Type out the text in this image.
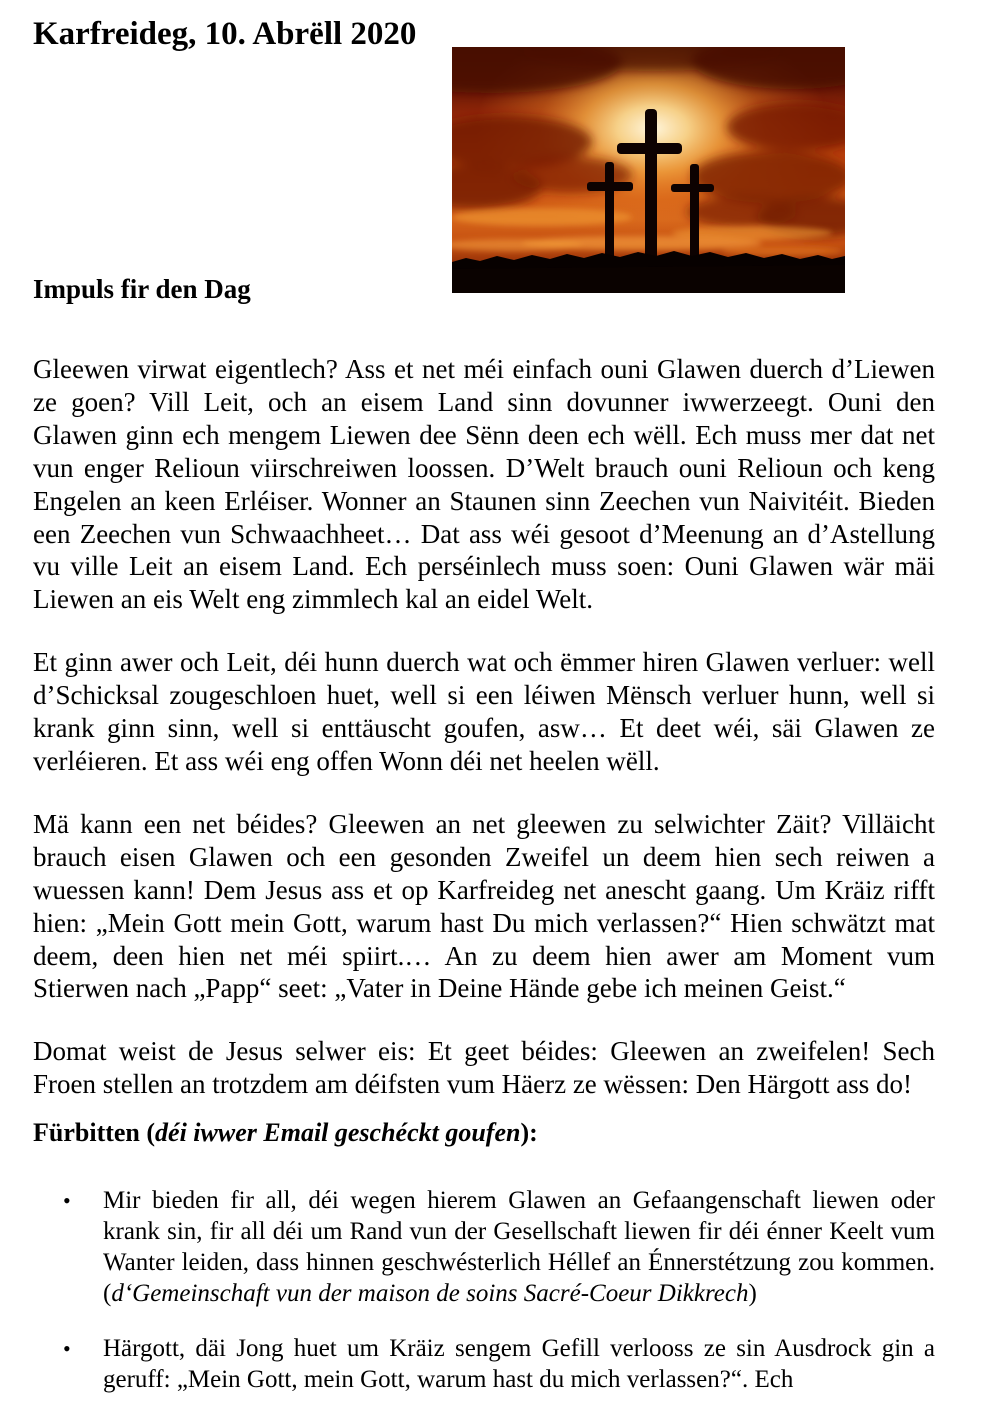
Karfreideg, 10. Abrëll 2020
Impuls fir den Dag

Gleewen virwat eigentlech? Ass et net méi einfach ouni Glawen duerch d’Liewen ze goen? Vill Leit, och an eisem Land sinn dovunner iwwerzeegt. Ouni den Glawen ginn ech mengem Liewen dee Sënn deen ech wëll. Ech muss mer dat net vun enger Relioun viirschreiwen loossen. D’Welt brauch ouni Relioun och keng Engelen an keen Erléiser. Wonner an Staunen sinn Zeechen vun Naivitéit. Bieden een Zeechen vun Schwaachheet… Dat ass wéi gesoot d’Meenung an d’Astellung vu ville Leit an eisem Land. Ech perséinlech muss soen: Ouni Glawen wär mäi Liewen an eis Welt eng zimmlech kal an eidel Welt.

Et ginn awer och Leit, déi hunn duerch wat och ëmmer hiren Glawen verluer: well d’Schicksal zougeschloen huet, well si een léiwen Mënsch verluer hunn, well si krank ginn sinn, well si enttäuscht goufen, asw… Et deet wéi, säi Glawen ze verléieren. Et ass wéi eng offen Wonn déi net heelen wëll.

Mä kann een net béides? Gleewen an net gleewen zu selwichter Zäit? Villäicht brauch eisen Glawen och een gesonden Zweifel un deem hien sech reiwen a wuessen kann! Dem Jesus ass et op Karfreideg net anescht gaang. Um Kräiz rifft hien: „Mein Gott mein Gott, warum hast Du mich verlassen?“ Hien schwätzt mat deem, deen hien net méi spiirt.… An zu deem hien awer am Moment vum Stierwen nach „Papp“ seet: „Vater in Deine Hände gebe ich meinen Geist.“

Domat weist de Jesus selwer eis: Et geet béides: Gleewen an zweifelen! Sech Froen stellen an trotzdem am déifsten vum Häerz ze wëssen: Den Härgott ass do!

Fürbitten (déi iwwer Email geschéckt goufen):
• Mir bieden fir all, déi wegen hierem Glawen an Gefaangenschaft liewen oder krank sin, fir all déi um Rand vun der Gesellschaft liewen fir déi énner Keelt vum Wanter leiden, dass hinnen geschwésterlich Héllef an Énnerstétzung zou kommen. (d‘Gemeinschaft vun der maison de soins Sacré-Coeur Dikkrech)
• Härgott, däi Jong huet um Kräiz sengem Gefill verlooss ze sin Ausdrock gin a geruff: „Mein Gott, mein Gott, warum hast du mich verlassen?“. Ech
